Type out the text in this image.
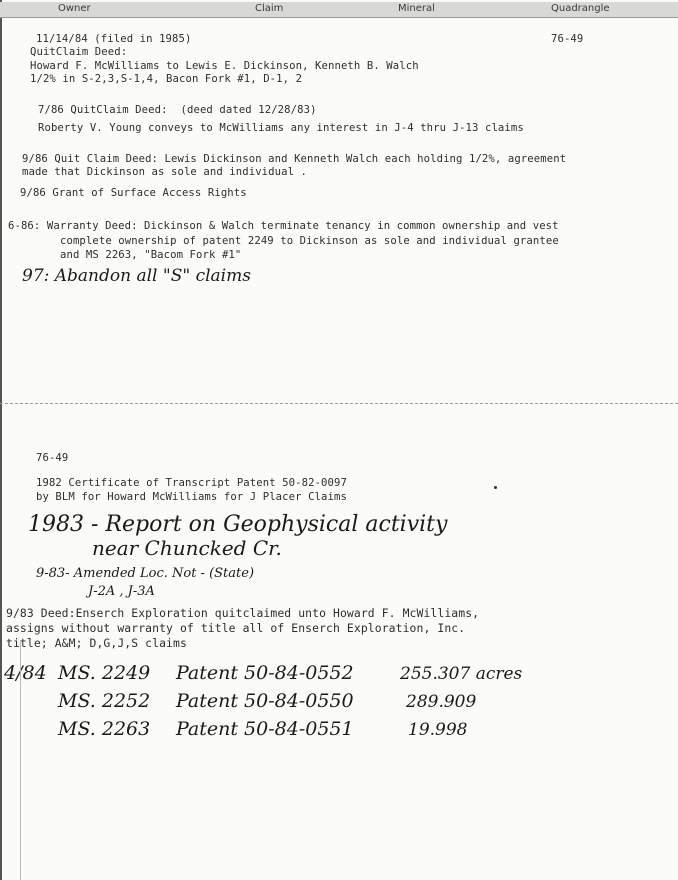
Owner	Claim	Mineral	Quadrangle
76-49
11/14/84 (filed in 1985)
QuitClaim Deed:
Howard F. McWilliams to Lewis E. Dickinson, Kenneth B. Walch
1/2% in S-2,3,S-1,4, Bacon Fork #1, D-1, 2
7/86 QuitClaim Deed:  (deed dated 12/28/83)
Roberty V. Young conveys to McWilliams any interest in J-4 thru J-13 claims
9/86 Quit Claim Deed: Lewis Dickinson and Kenneth Walch each holding 1/2%, agreement
made that Dickinson as sole and individual .
9/86 Grant of Surface Access Rights
6-86: Warranty Deed: Dickinson & Walch terminate tenancy in common ownership and vest
complete ownership of patent 2249 to Dickinson as sole and individual grantee
and MS 2263, "Bacom Fork #1"
97: Abandon all "S" claims
76-49
1982 Certificate of Transcript Patent 50-82-0097
by BLM for Howard McWilliams for J Placer Claims
1983 - Report on Geophysical activity
near Chuncked Cr.
9-83- Amended Loc. Not - (State)
J-2A , J-3A
9/83 Deed:Enserch Exploration quitclaimed unto Howard F. McWilliams,
assigns without warranty of title all of Enserch Exploration, Inc.
title; A&M; D,G,J,S claims
4/84 MS. 2249 Patent 50-84-0552	255.307 acres
MS. 2252 Patent 50-84-0550	289.909
MS. 2263 Patent 50-84-0551	19.998
